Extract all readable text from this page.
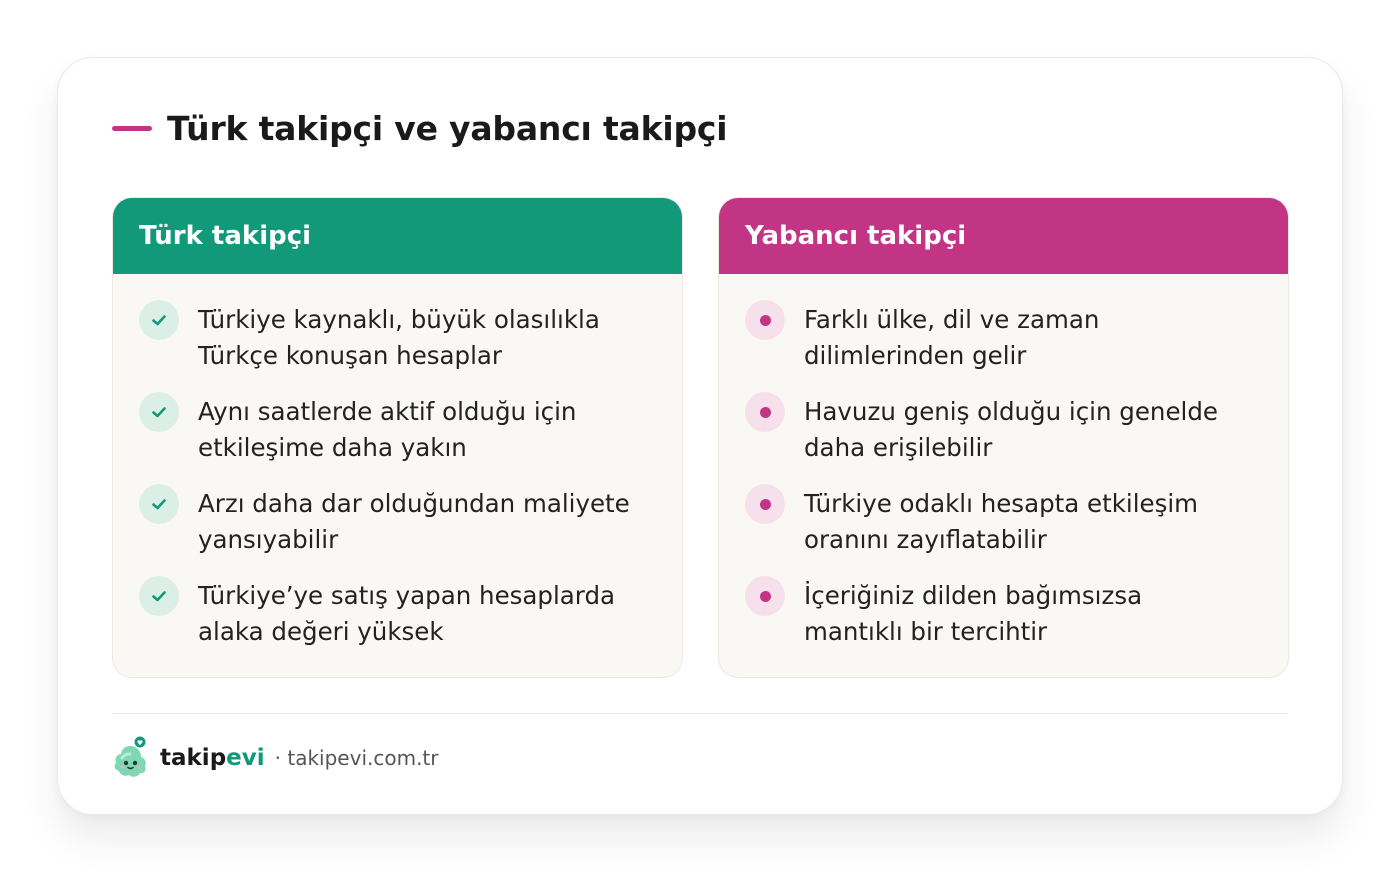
Türk takipçi ve yabancı takipçi
Türk takipçi
Türkiye kaynaklı, büyük olasılıkla
Türkçe konuşan hesaplar
Aynı saatlerde aktif olduğu için
etkileşime daha yakın
Arzı daha dar olduğundan maliyete
yansıyabilir
Türkiye’ye satış yapan hesaplarda
alaka değeri yüksek
Yabancı takipçi
Farklı ülke, dil ve zaman
dilimlerinden gelir
Havuzu geniş olduğu için genelde
daha erişilebilir
Türkiye odaklı hesapta etkileşim
oranını zayıflatabilir
İçeriğiniz dilden bağımsızsa
mantıklı bir tercihtir
takip evi · takipevi.com.tr
